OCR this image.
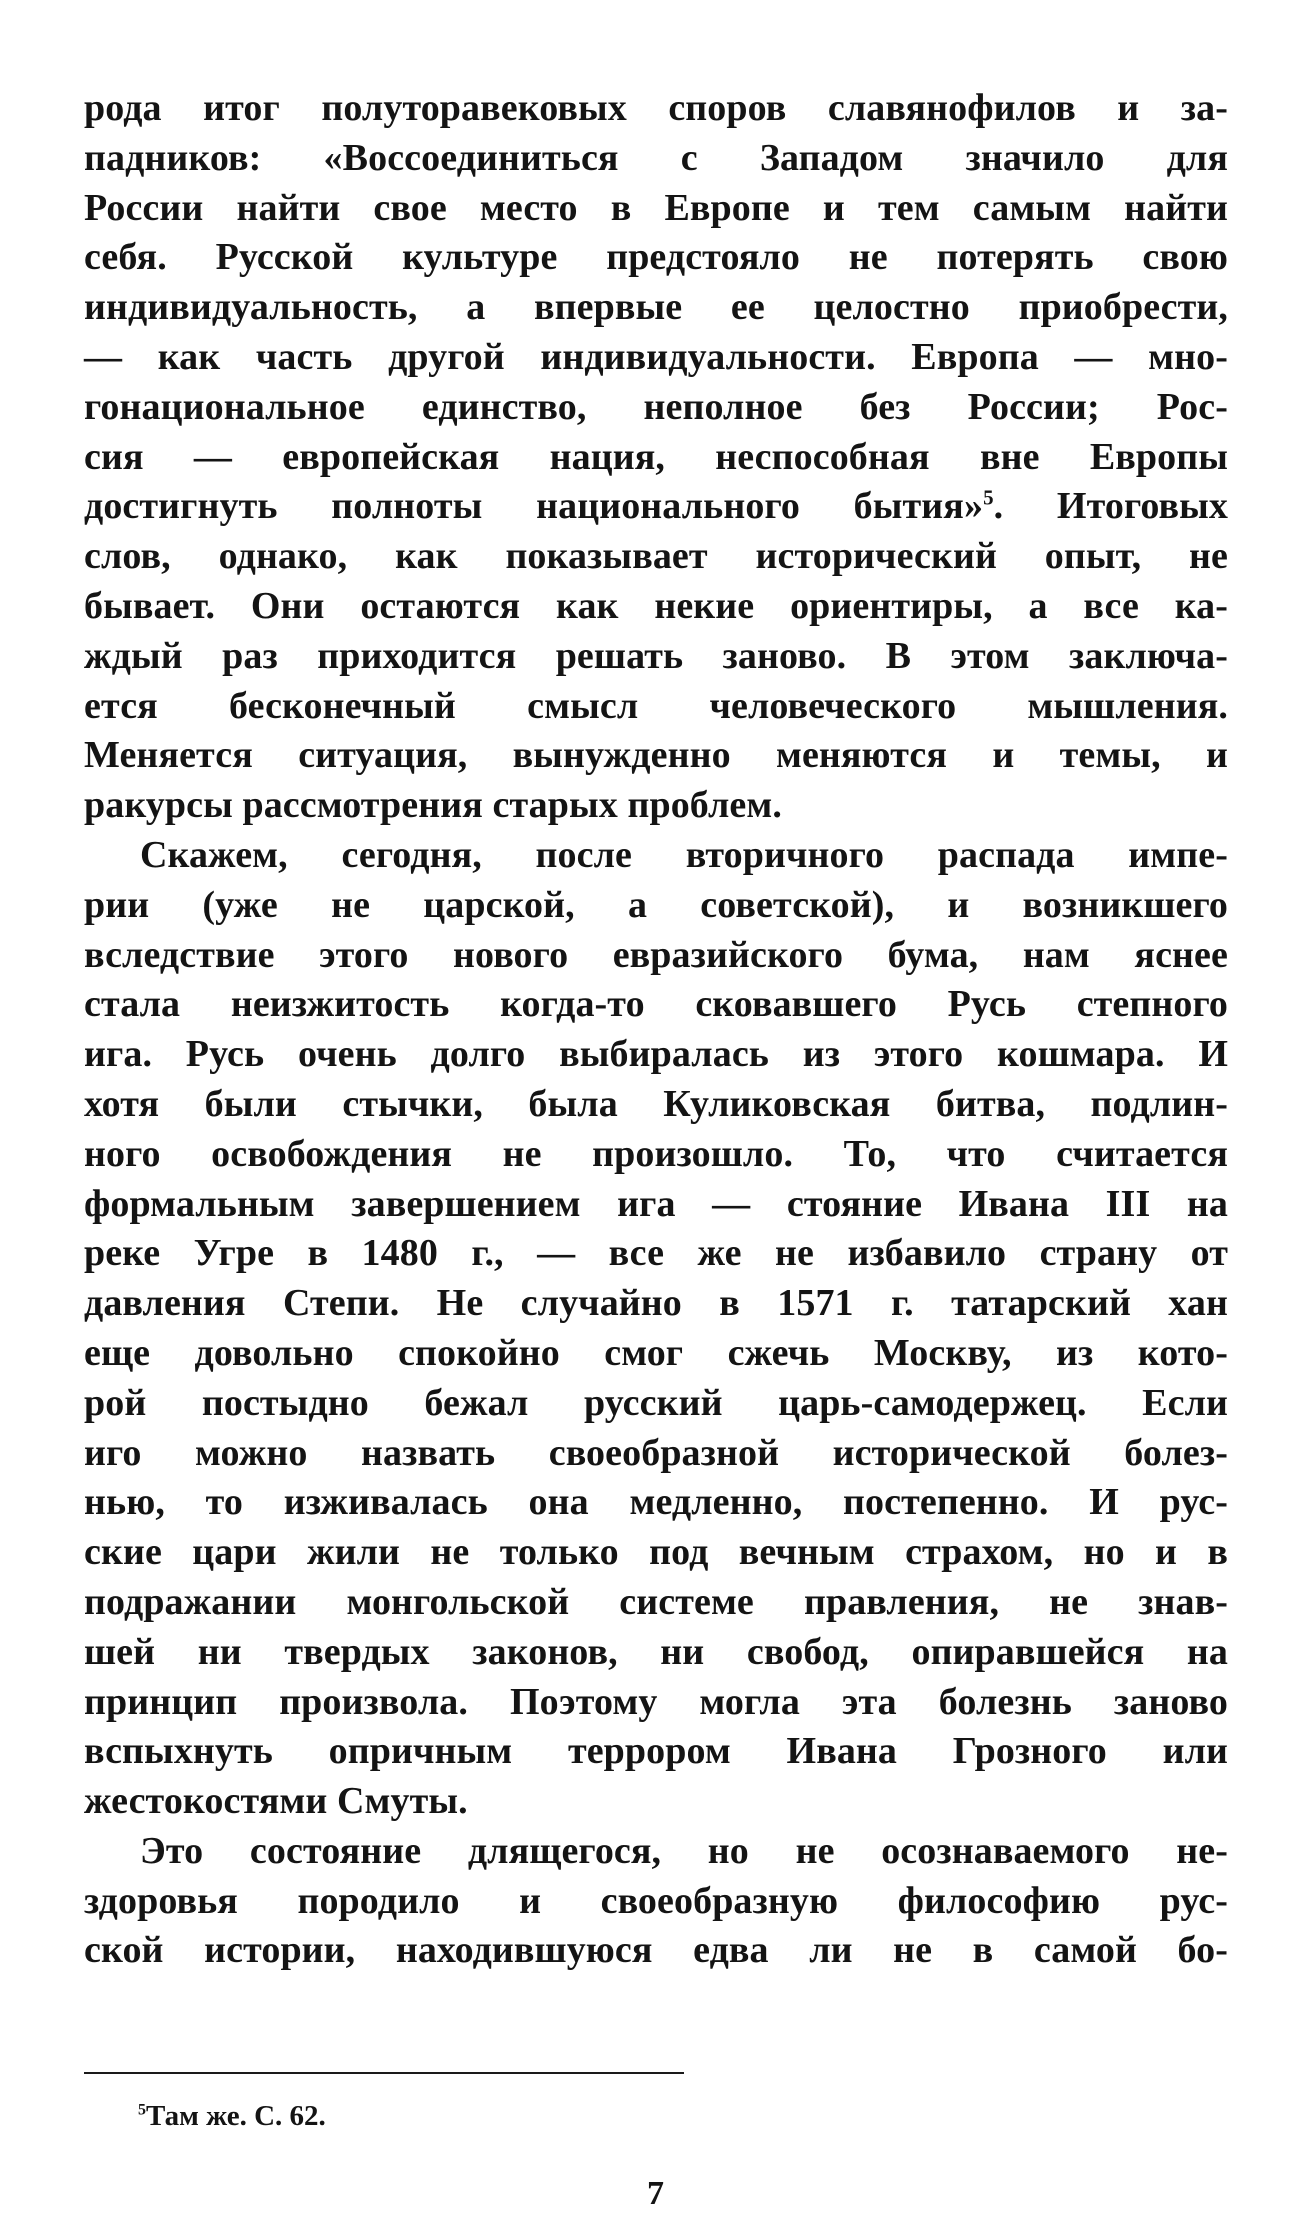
рода итог полуторавековых споров славянофилов и за-
падников: «Воссоединиться с Западом значило для
России найти свое место в Европе и тем самым найти
себя. Русской культуре предстояло не потерять свою
индивидуальность, а впервые ее целостно приобрести,
— как часть другой индивидуальности. Европа — мно-
гонациональное единство, неполное без России; Рос-
сия — европейская нация, неспособная вне Европы
достигнуть полноты национального бытия»$^5$. Итоговых
слов, однако, как показывает исторический опыт, не
бывает. Они остаются как некие ориентиры, а все ка-
ждый раз приходится решать заново. В этом заключа-
ется бесконечный смысл человеческого мышления.
Меняется ситуация, вынужденно меняются и темы, и
ракурсы рассмотрения старых проблем.
Скажем, сегодня, после вторичного распада импе-
рии (уже не царской, а советской), и возникшего
вследствие этого нового евразийского бума, нам яснее
стала неизжитость когда-то сковавшего Русь степного
ига. Русь очень долго выбиралась из этого кошмара. И
хотя были стычки, была Куликовская битва, подлин-
ного освобождения не произошло. То, что считается
формальным завершением ига — стояние Ивана III на
реке Угре в 1480 г., — все же не избавило страну от
давления Степи. Не случайно в 1571 г. татарский хан
еще довольно спокойно смог сжечь Москву, из кото-
рой постыдно бежал русский царь-самодержец. Если
иго можно назвать своеобразной исторической болез-
нью, то изживалась она медленно, постепенно. И рус-
ские цари жили не только под вечным страхом, но и в
подражании монгольской системе правления, не знав-
шей ни твердых законов, ни свобод, опиравшейся на
принцип произвола. Поэтому могла эта болезнь заново
вспыхнуть опричным террором Ивана Грозного или
жестокостями Смуты.
Это состояние длящегося, но не осознаваемого не-
здоровья породило и своеобразную философию рус-
ской истории, находившуюся едва ли не в самой бо-
$^5$Там же. С. 62.
7
